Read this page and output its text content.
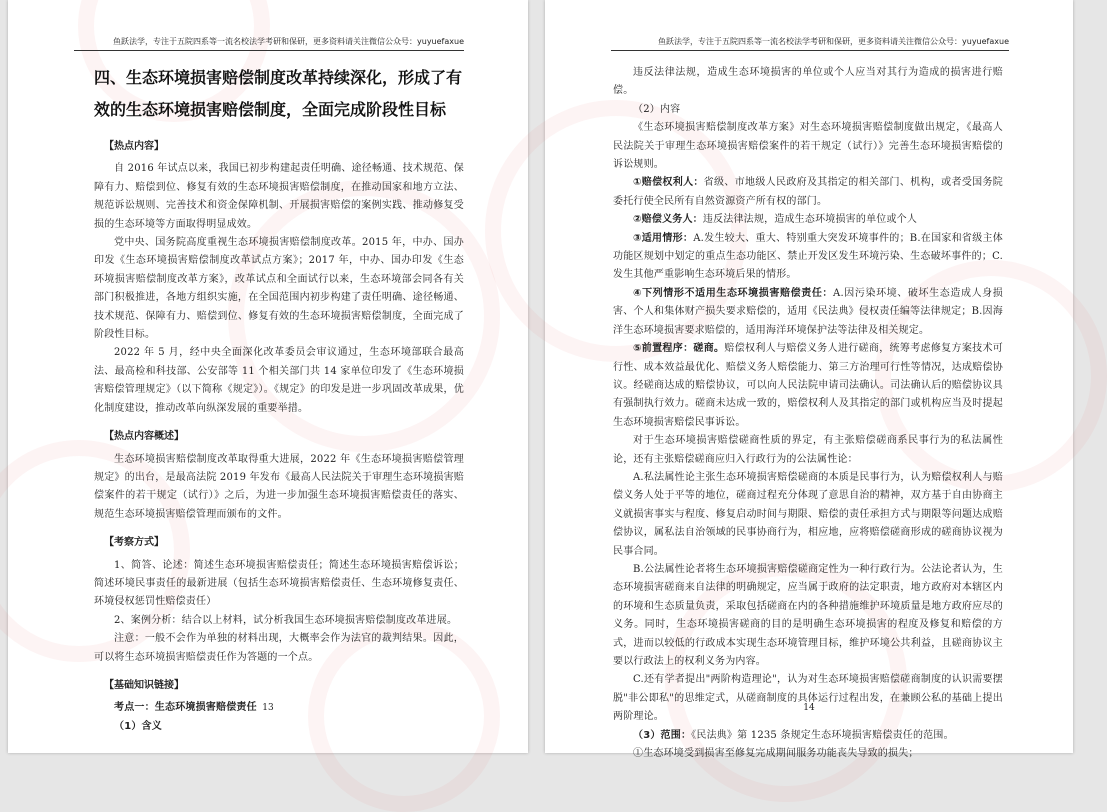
鱼跃法学，专注于五院四系等一流名校法学考研和保研，更多资料请关注微信公众号：yuyuefaxue
四、生态环境损害赔偿制度改革持续深化，形成了有效的生态环境损害赔偿制度，全面完成阶段性目标
【热点内容】

自 2016 年试点以来，我国已初步构建起责任明确、途径畅通、技术规范、保障有力、赔偿到位、修复有效的生态环境损害赔偿制度，在推动国家和地方立法、规范诉讼规则、完善技术和资金保障机制、开展损害赔偿的案例实践、推动修复受损的生态环境等方面取得明显成效。

党中央、国务院高度重视生态环境损害赔偿制度改革。2015 年，中办、国办印发《生态环境损害赔偿制度改革试点方案》；2017 年，中办、国办印发《生态环境损害赔偿制度改革方案》，改革试点和全面试行以来，生态环境部会同各有关部门积极推进，各地方组织实施，在全国范围内初步构建了责任明确、途径畅通、技术规范、保障有力、赔偿到位、修复有效的生态环境损害赔偿制度，全面完成了阶段性目标。

2022 年 5 月，经中央全面深化改革委员会审议通过，生态环境部联合最高法、最高检和科技部、公安部等 11 个相关部门共 14 家单位印发了《生态环境损害赔偿管理规定》（以下简称《规定》）。《规定》的印发是进一步巩固改革成果，优化制度建设，推动改革向纵深发展的重要举措。

【热点内容概述】

生态环境损害赔偿制度改革取得重大进展，2022 年《生态环境损害赔偿管理规定》的出台，是最高法院 2019 年发布《最高人民法院关于审理生态环境损害赔偿案件的若干规定（试行）》之后，为进一步加强生态环境损害赔偿责任的落实、规范生态环境损害赔偿管理而颁布的文件。

【考察方式】

1、简答、论述：简述生态环境损害赔偿责任；简述生态环境损害赔偿诉讼；简述环境民事责任的最新进展（包括生态环境损害赔偿责任、生态环境修复责任、环境侵权惩罚性赔偿责任）

2、案例分析：结合以上材料，试分析我国生态环境损害赔偿制度改革进展。

注意：一般不会作为单独的材料出现，大概率会作为法官的裁判结果。因此，可以将生态环境损害赔偿责任作为答题的一个点。

【基础知识链接】

考点一：生态环境损害赔偿责任

（1）含义

13
鱼跃法学，专注于五院四系等一流名校法学考研和保研，更多资料请关注微信公众号：yuyuefaxue

违反法律法规，造成生态环境损害的单位或个人应当对其行为造成的损害进行赔偿。

（2）内容

《生态环境损害赔偿制度改革方案》对生态环境损害赔偿制度做出规定，《最高人民法院关于审理生态环境损害赔偿案件的若干规定（试行）》完善生态环境损害赔偿的诉讼规则。

①赔偿权利人：省级、市地级人民政府及其指定的相关部门、机构，或者受国务院委托行使全民所有自然资源资产所有权的部门。

②赔偿义务人：违反法律法规，造成生态环境损害的单位或个人

③适用情形：A.发生较大、重大、特别重大突发环境事件的；B.在国家和省级主体功能区规划中划定的重点生态功能区、禁止开发区发生环境污染、生态破坏事件的；C.发生其他严重影响生态环境后果的情形。

④下列情形不适用生态环境损害赔偿责任：A.因污染环境、破坏生态造成人身损害、个人和集体财产损失要求赔偿的，适用《民法典》侵权责任编等法律规定；B.因海洋生态环境损害要求赔偿的，适用海洋环境保护法等法律及相关规定。

⑤前置程序：磋商。赔偿权利人与赔偿义务人进行磋商，统筹考虑修复方案技术可行性、成本效益最优化、赔偿义务人赔偿能力、第三方治理可行性等情况，达成赔偿协议。经磋商达成的赔偿协议，可以向人民法院申请司法确认。司法确认后的赔偿协议具有强制执行效力。磋商未达成一致的，赔偿权利人及其指定的部门或机构应当及时提起生态环境损害赔偿民事诉讼。

对于生态环境损害赔偿磋商性质的界定，有主张赔偿磋商系民事行为的私法属性论，还有主张赔偿磋商应归入行政行为的公法属性论：

A.私法属性论主张生态环境损害赔偿磋商的本质是民事行为，认为赔偿权利人与赔偿义务人处于平等的地位，磋商过程充分体现了意思自治的精神，双方基于自由协商主义就损害事实与程度、修复启动时间与期限、赔偿的责任承担方式与期限等问题达成赔偿协议，属私法自治领域的民事协商行为，相应地，应将赔偿磋商形成的磋商协议视为民事合同。

B.公法属性论者将生态环境损害赔偿磋商定性为一种行政行为。公法论者认为，生态环境损害磋商来自法律的明确规定，应当属于政府的法定职责，地方政府对本辖区内的环境和生态质量负责，采取包括磋商在内的各种措施维护环境质量是地方政府应尽的义务。同时，生态环境损害磋商的目的是明确生态环境损害的程度及修复和赔偿的方式，进而以较低的行政成本实现生态环境管理目标，维护环境公共利益，且磋商协议主要以行政法上的权利义务为内容。

C.还有学者提出"两阶构造理论"，认为对生态环境损害赔偿磋商制度的认识需要摆脱"非公即私"的思维定式，从磋商制度的具体运行过程出发，在兼顾公私的基础上提出两阶理论。

（3）范围：《民法典》第 1235 条规定生态环境损害赔偿责任的范围。

①生态环境受到损害至修复完成期间服务功能丧失导致的损失；

14
